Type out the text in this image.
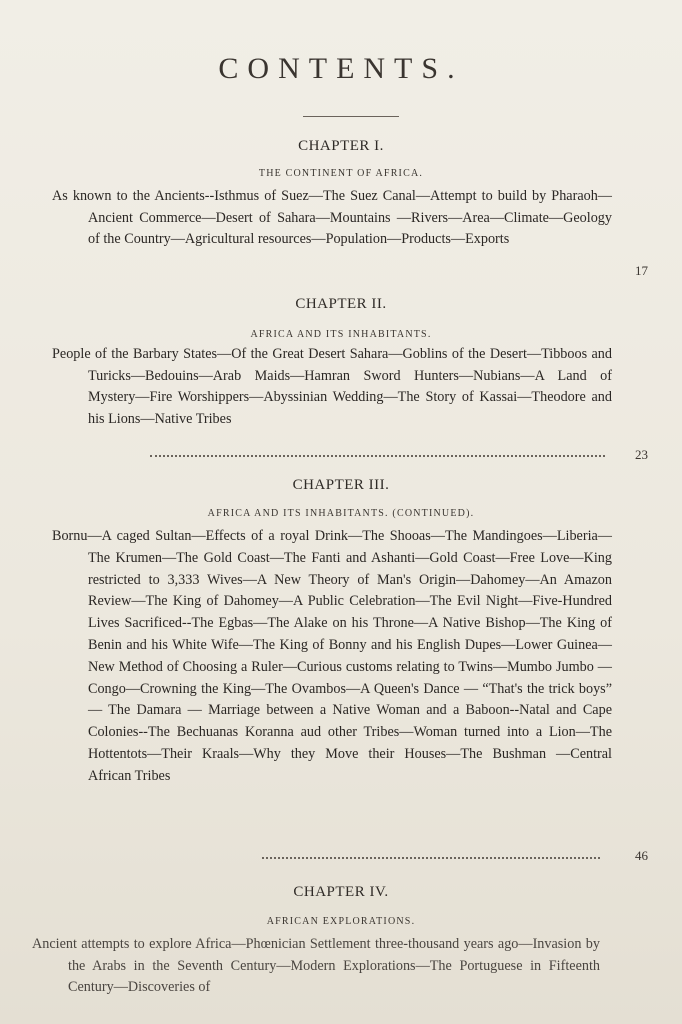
CONTENTS.
CHAPTER I.
THE CONTINENT OF AFRICA.

As known to the Ancients--Isthmus of Suez—The Suez Canal—Attempt to build by Pharaoh—Ancient Commerce—Desert of Sahara—Mountains —Rivers—Area—Climate—Geology of the Country—Agricultural resources—Population—Products—Exports

17
CHAPTER II.
AFRICA AND ITS INHABITANTS.

People of the Barbary States—Of the Great Desert Sahara—Goblins of the Desert—Tibboos and Turicks—Bedouins—Arab Maids—Hamran Sword Hunters—Nubians—A Land of Mystery—Fire Worshippers—Abyssinian Wedding—The Story of Kassai—Theodore and his Lions—Native Tribes

23
CHAPTER III.
AFRICA AND ITS INHABITANTS. (CONTINUED).

Bornu—A caged Sultan—Effects of a royal Drink—The Shooas—The Mandingoes—Liberia—The Krumen—The Gold Coast—The Fanti and Ashanti—Gold Coast—Free Love—King restricted to 3,333 Wives—A New Theory of Man's Origin—Dahomey—An Amazon Review—The King of Dahomey—A Public Celebration—The Evil Night—Five-Hundred Lives Sacrificed--The Egbas—The Alake on his Throne—A Native Bishop—The King of Benin and his White Wife—The King of Bonny and his English Dupes—Lower Guinea—New Method of Choosing a Ruler—Curious customs relating to Twins—Mumbo Jumbo —Congo—Crowning the King—The Ovambos—A Queen's Dance — “That's the trick boys” — The Damara — Marriage between a Native Woman and a Baboon--Natal and Cape Colonies--The Bechuanas Koranna aud other Tribes—Woman turned into a Lion—The Hottentots—Their Kraals—Why they Move their Houses—The Bushman —Central African Tribes

46
CHAPTER IV.
AFRICAN EXPLORATIONS.

Ancient attempts to explore Africa—Phœnician Settlement three-thousand years ago—Invasion by the Arabs in the Seventh Century—Modern Explorations—The Portuguese in Fifteenth Century—Discoveries of
